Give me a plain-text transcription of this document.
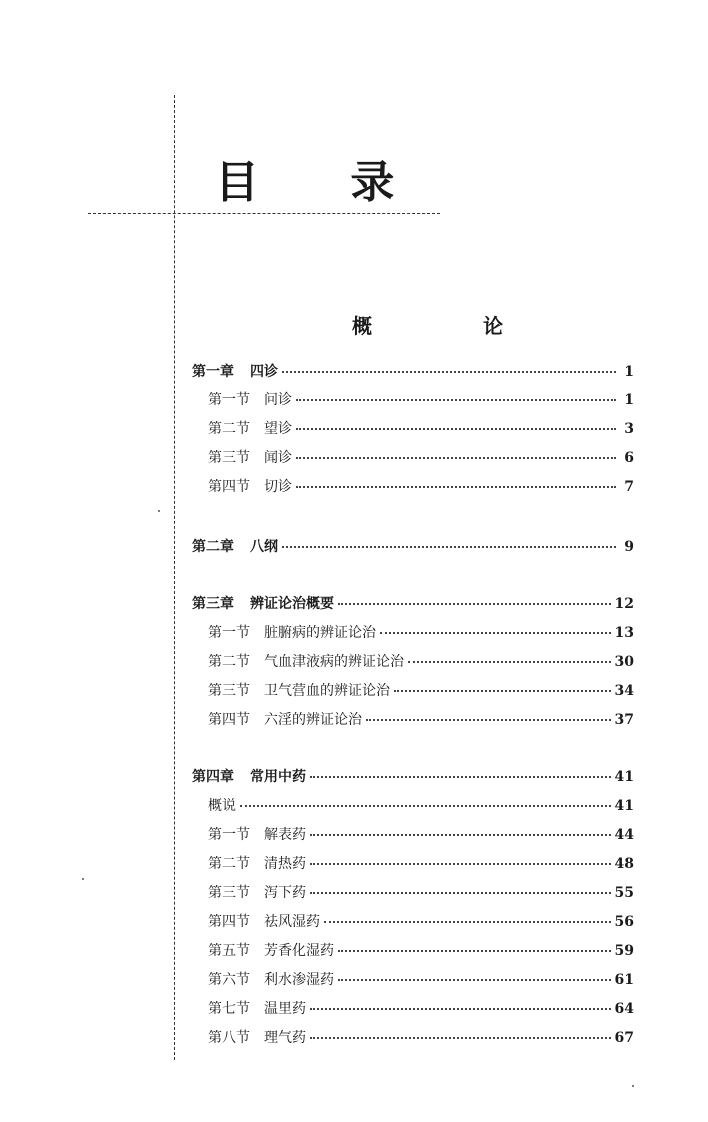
目 录
概 论
第一章 四诊	1
第一节 问诊	1
第二节 望诊	3
第三节 闻诊	6
第四节 切诊	7
第二章 八纲	9
第三章 辨证论治概要	12
第一节 脏腑病的辨证论治	13
第二节 气血津液病的辨证论治	30
第三节 卫气营血的辨证论治	34
第四节 六淫的辨证论治	37
第四章 常用中药	41
概说	41
第一节 解表药	44
第二节 清热药	48
第三节 泻下药	55
第四节 祛风湿药	56
第五节 芳香化湿药	59
第六节 利水渗湿药	61
第七节 温里药	64
第八节 理气药	67
